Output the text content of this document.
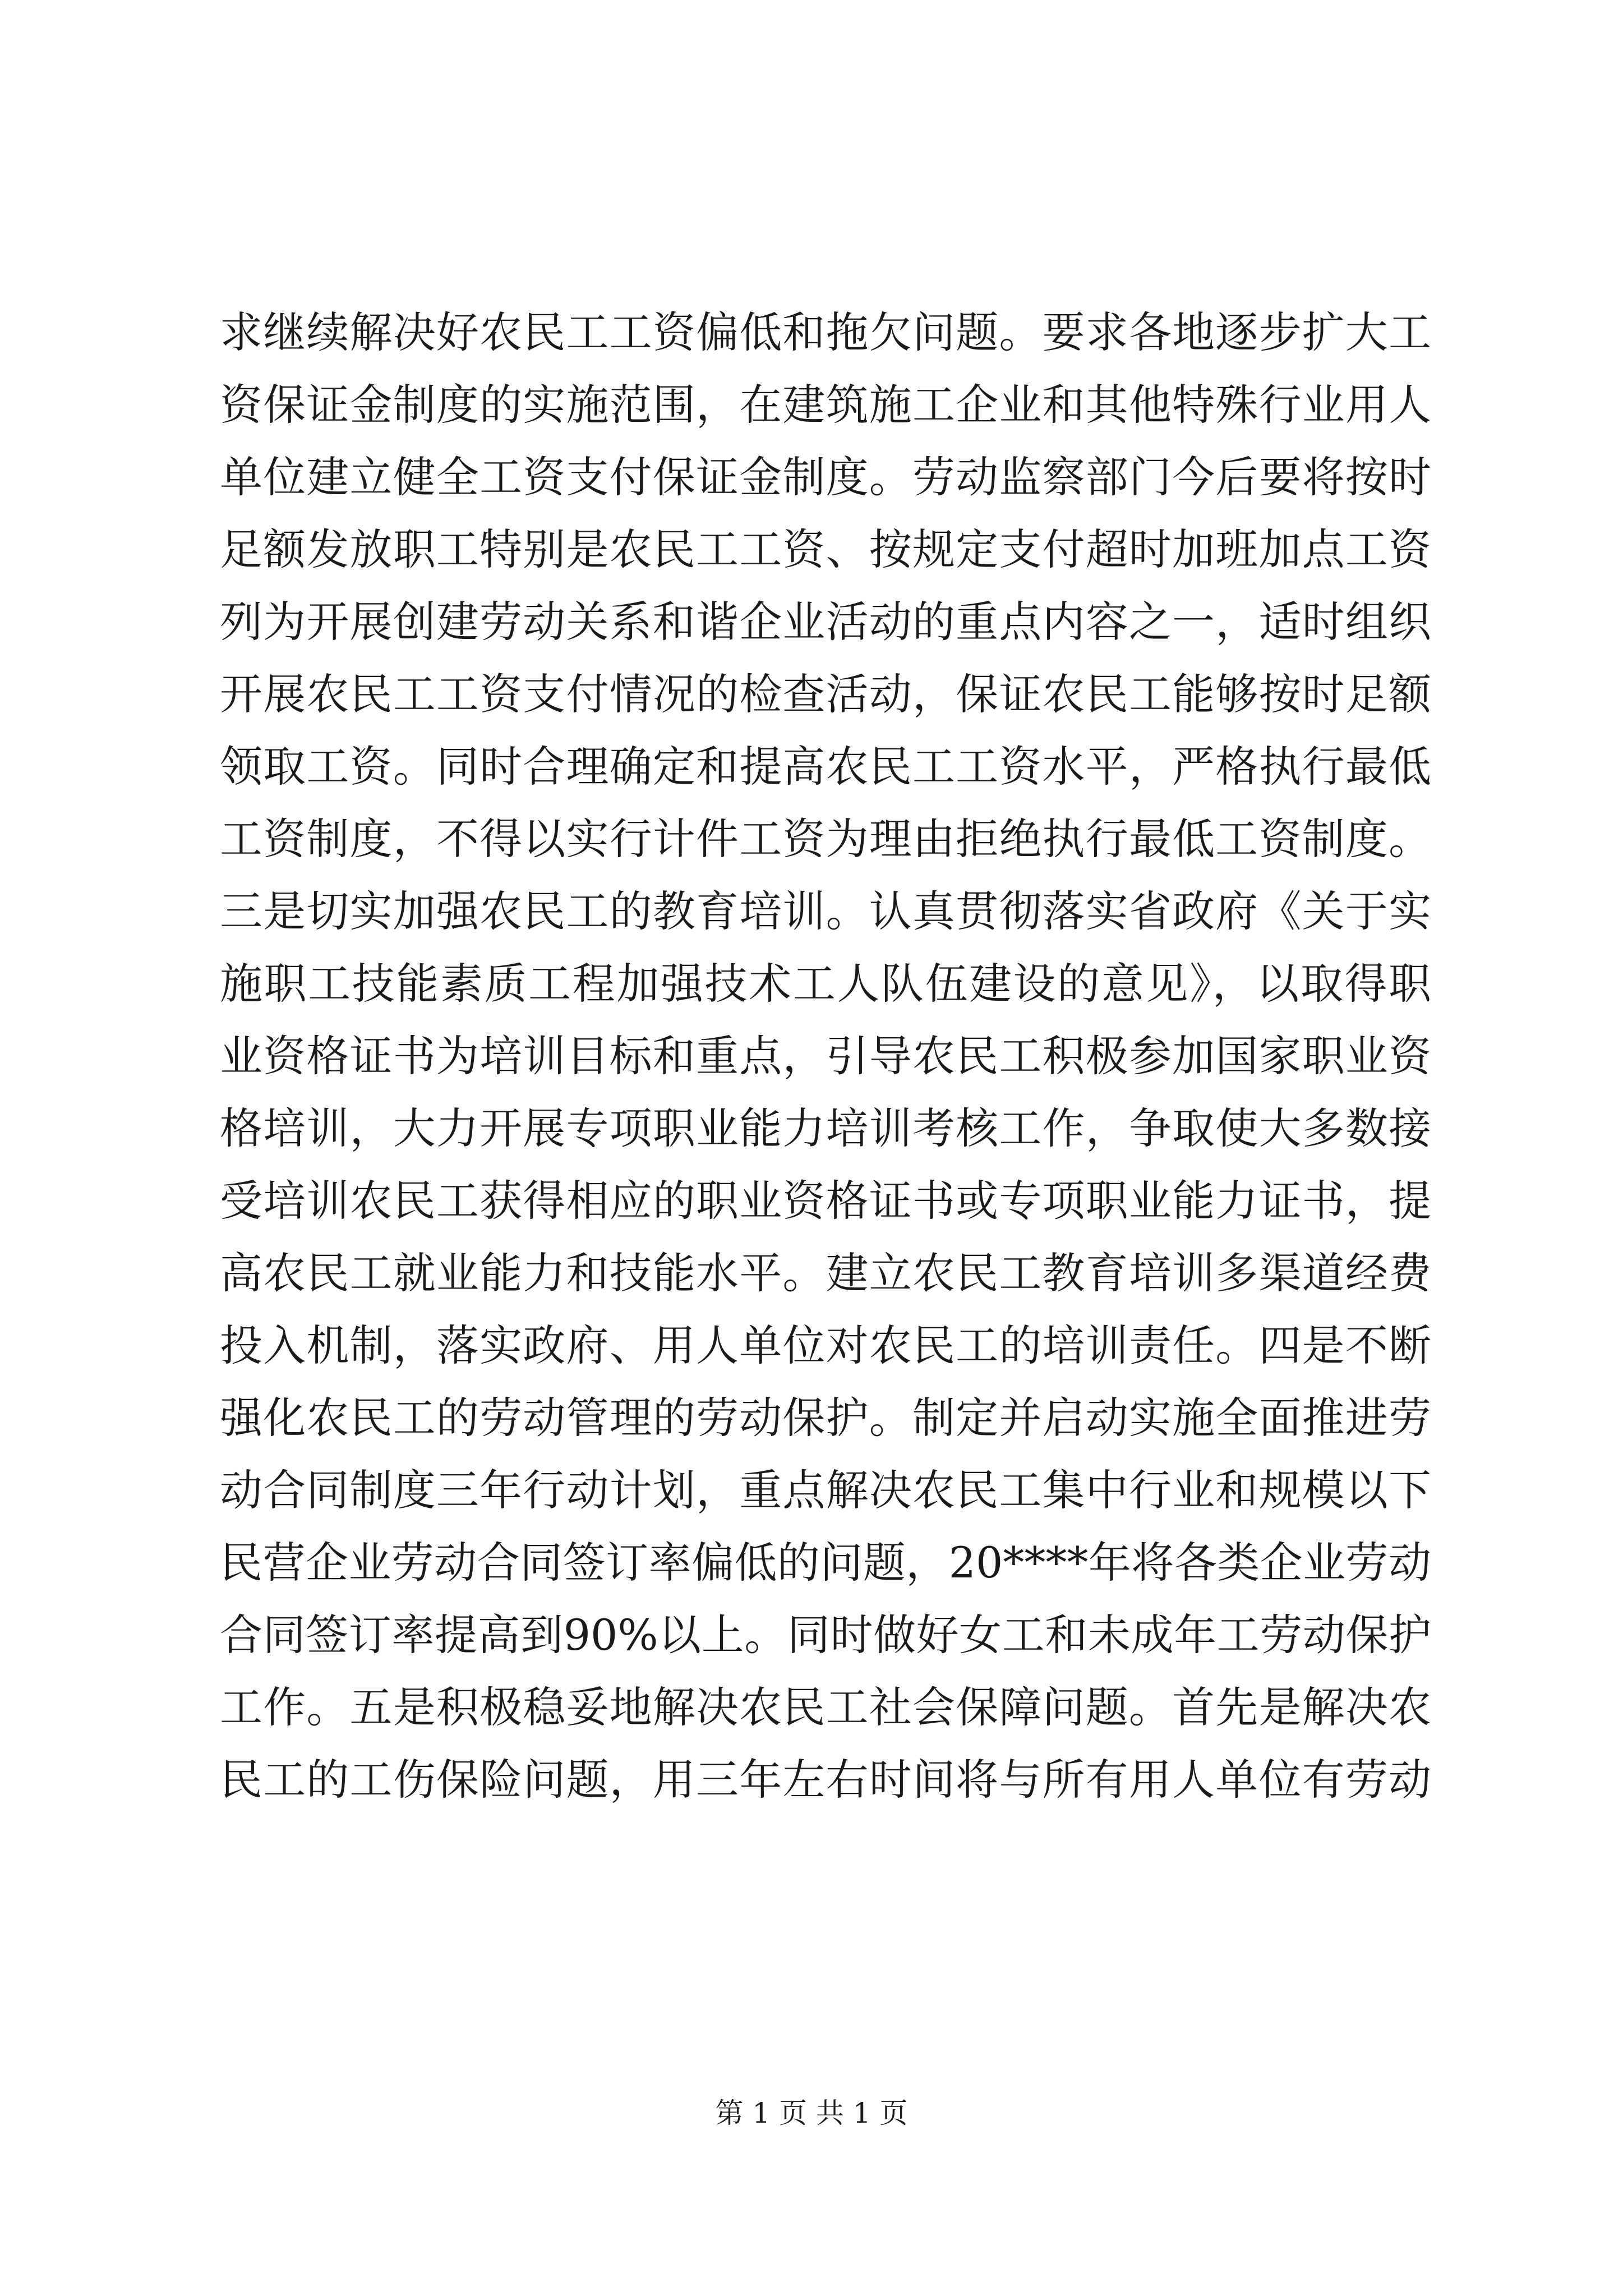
求继续解决好农民工工资偏低和拖欠问题。要求各地逐步扩大工
资保证金制度的实施范围，在建筑施工企业和其他特殊行业用人
单位建立健全工资支付保证金制度。劳动监察部门今后要将按时
足额发放职工特别是农民工工资、按规定支付超时加班加点工资
列为开展创建劳动关系和谐企业活动的重点内容之一，适时组织
开展农民工工资支付情况的检查活动，保证农民工能够按时足额
领取工资。同时合理确定和提高农民工工资水平，严格执行最低
工资制度，不得以实行计件工资为理由拒绝执行最低工资制度。
三是切实加强农民工的教育培训。认真贯彻落实省政府《关于实
施职工技能素质工程加强技术工人队伍建设的意见》，以取得职
业资格证书为培训目标和重点，引导农民工积极参加国家职业资
格培训，大力开展专项职业能力培训考核工作，争取使大多数接
受培训农民工获得相应的职业资格证书或专项职业能力证书，提
高农民工就业能力和技能水平。建立农民工教育培训多渠道经费
投入机制，落实政府、用人单位对农民工的培训责任。四是不断
强化农民工的劳动管理的劳动保护。制定并启动实施全面推进劳
动合同制度三年行动计划，重点解决农民工集中行业和规模以下
民营企业劳动合同签订率偏低的问题，20****年将各类企业劳动
合同签订率提高到90%以上。同时做好女工和未成年工劳动保护
工作。五是积极稳妥地解决农民工社会保障问题。首先是解决农
民工的工伤保险问题，用三年左右时间将与所有用人单位有劳动
第 1 页 共 1 页
